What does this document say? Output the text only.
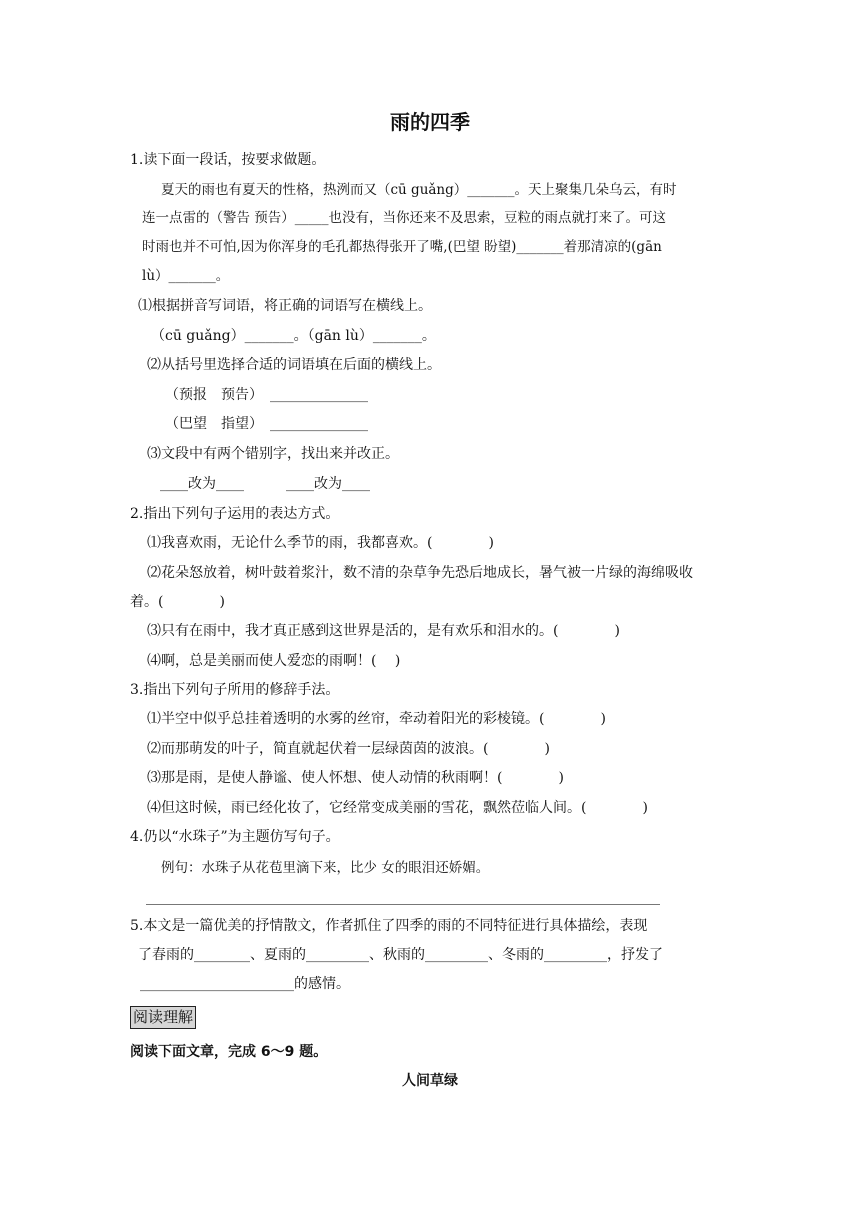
雨的四季
1.读下面一段话，按要求做题。
夏天的雨也有夏天的性格，热洌而又（cū guǎng）_______。天上聚集几朵乌云，有时
连一点雷的（警告 预告）_____也没有，当你还来不及思索，豆粒的雨点就打来了。可这
时雨也并不可怕,因为你浑身的毛孔都热得张开了嘴,(巴望 盼望)_______着那清凉的(gān
lù）_______。
⑴根据拼音写词语，将正确的词语写在横线上。
（cū guǎng）_______。（gān lù）_______。
⑵从括号里选择合适的词语填在后面的横线上。
（预报　预告）　______________
（巴望　指望）　______________
⑶文段中有两个错别字，找出来并改正。
____改为____　　　____改为____
2.指出下列句子运用的表达方式。
⑴我喜欢雨，无论什么季节的雨，我都喜欢。(　　　　)
⑵花朵怒放着，树叶鼓着浆汁，数不清的杂草争先恐后地成长，暑气被一片绿的海绵吸收
着。(　　　　)
⑶只有在雨中，我才真正感到这世界是活的，是有欢乐和泪水的。(　　　　)
⑷啊，总是美丽而使人爱恋的雨啊！(　 )
3.指出下列句子所用的修辞手法。
⑴半空中似乎总挂着透明的水雾的丝帘，牵动着阳光的彩棱镜。(　　　　)
⑵而那萌发的叶子，简直就起伏着一层绿茵茵的波浪。(　　　　)
⑶那是雨，是使人静谧、使人怀想、使人动情的秋雨啊！(　　　　)
⑷但这时候，雨已经化妆了，它经常变成美丽的雪花，飘然莅临人间。(　　　　)
4.仍以“水珠子”为主题仿写句子。
例句：水珠子从花苞里滴下来，比少 女的眼泪还娇媚。
5.本文是一篇优美的抒情散文，作者抓住了四季的雨的不同特征进行具体描绘，表现
了春雨的________、夏雨的_________、秋雨的_________、冬雨的_________，抒发了
______________________的感情。
阅读理解
阅读下面文章，完成 6～9 题。
人间草绿
